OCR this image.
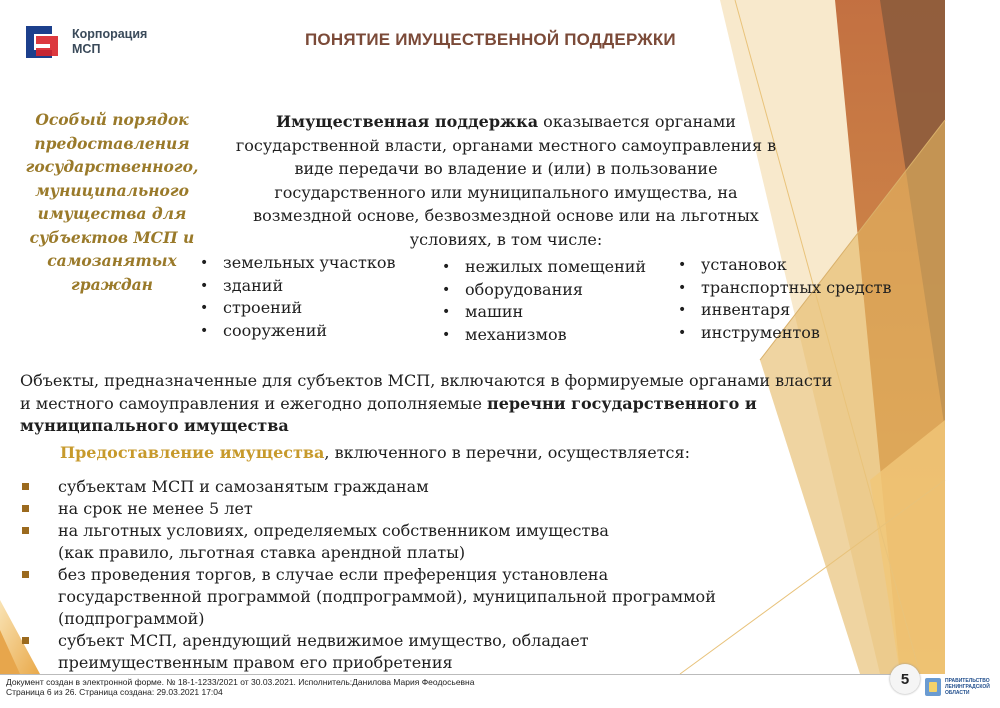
Корпорация
МСП	ПОНЯТИЕ ИМУЩЕСТВЕННОЙ ПОДДЕРЖКИ
Особый порядок предоставления государственного, муниципального имущества для субъектов МСП и самозанятых граждан
Имущественная поддержка оказывается органами государственной власти, органами местного самоуправления в виде передачи во владение и (или) в пользование государственного или муниципального имущества, на возмездной основе, безвозмездной основе или на льготных условиях, в том числе:
• земельных участков
• зданий
• строений
• сооружений
• нежилых помещений
• оборудования
• машин
• механизмов
• установок
• транспортных средств
• инвентаря
• инструментов
Объекты, предназначенные для субъектов МСП, включаются в формируемые органами власти и местного самоуправления и ежегодно дополняемые перечни государственного и муниципального имущества
Предоставление имущества, включенного в перечни, осуществляется:
субъектам МСП и самозанятым гражданам
на срок не менее 5 лет
на льготных условиях, определяемых собственником имущества
(как правило, льготная ставка арендной платы)
без проведения торгов, в случае если преференция установлена
государственной программой (подпрограммой), муниципальной программой
(подпрограммой)
субъект МСП, арендующий недвижимое имущество, обладает
преимущественным правом его приобретения
Документ создан в электронной форме. № 18-1-1233/2021 от 30.03.2021. Исполнитель:Данилова Мария Феодосьевна
Страница 6 из 26. Страница создана: 29.03.2021 17:04
5	ПРАВИТЕЛЬСТВО
ЛЕНИНГРАДСКОЙ
ОБЛАСТИ
